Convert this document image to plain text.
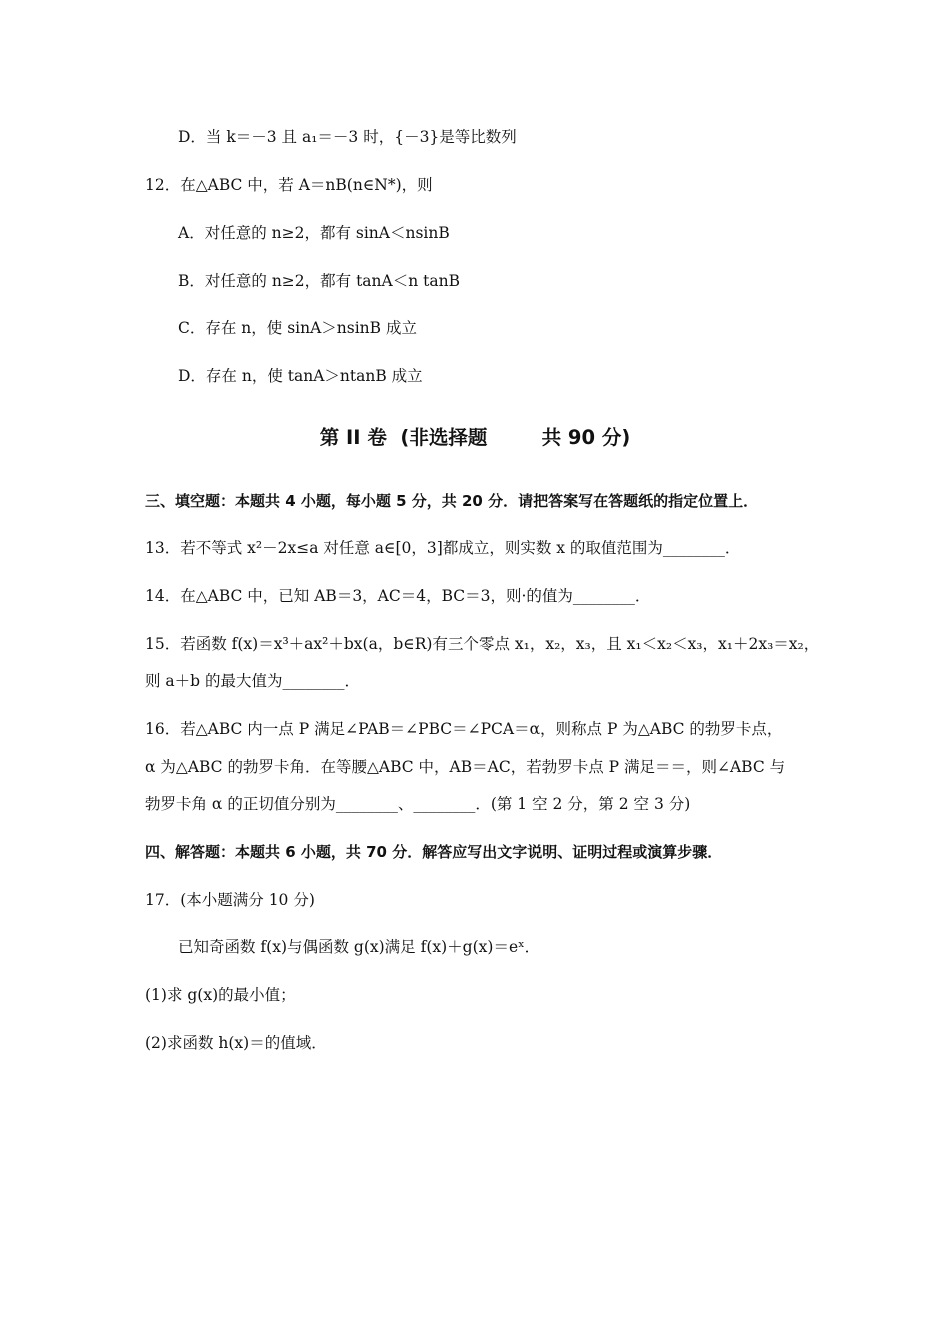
D．当 k＝－3 且 a₁＝－3 时，{－3}是等比数列
12．在△ABC 中，若 A＝nB(n∈N*)，则
A．对任意的 n≥2，都有 sinA＜nsinB
B．对任意的 n≥2，都有 tanA＜n tanB
C．存在 n，使 sinA＞nsinB 成立
D．存在 n，使 tanA＞ntanB 成立
第 II 卷  (非选择题        共 90 分)
三、填空题：本题共 4 小题，每小题 5 分，共 20 分．请把答案写在答题纸的指定位置上．
13．若不等式 x²－2x≤a 对任意 a∈[0，3]都成立，则实数 x 的取值范围为________．
14．在△ABC 中，已知 AB＝3，AC＝4，BC＝3，则·的值为________．
15．若函数 f(x)＝x³＋ax²＋bx(a，b∈R)有三个零点 x₁，x₂，x₃，且 x₁＜x₂＜x₃，x₁＋2x₃＝x₂，
则 a＋b 的最大值为________．
16．若△ABC 内一点 P 满足∠PAB＝∠PBC＝∠PCA＝α，则称点 P 为△ABC 的勃罗卡点，
α 为△ABC 的勃罗卡角．在等腰△ABC 中，AB＝AC，若勃罗卡点 P 满足＝＝，则∠ABC 与
勃罗卡角 α 的正切值分别为________、________．(第 1 空 2 分，第 2 空 3 分)
四、解答题：本题共 6 小题，共 70 分．解答应写出文字说明、证明过程或演算步骤．
17．(本小题满分 10 分)
已知奇函数 f(x)与偶函数 g(x)满足 f(x)＋g(x)＝eˣ．
(1)求 g(x)的最小值；
(2)求函数 h(x)＝的值域．
